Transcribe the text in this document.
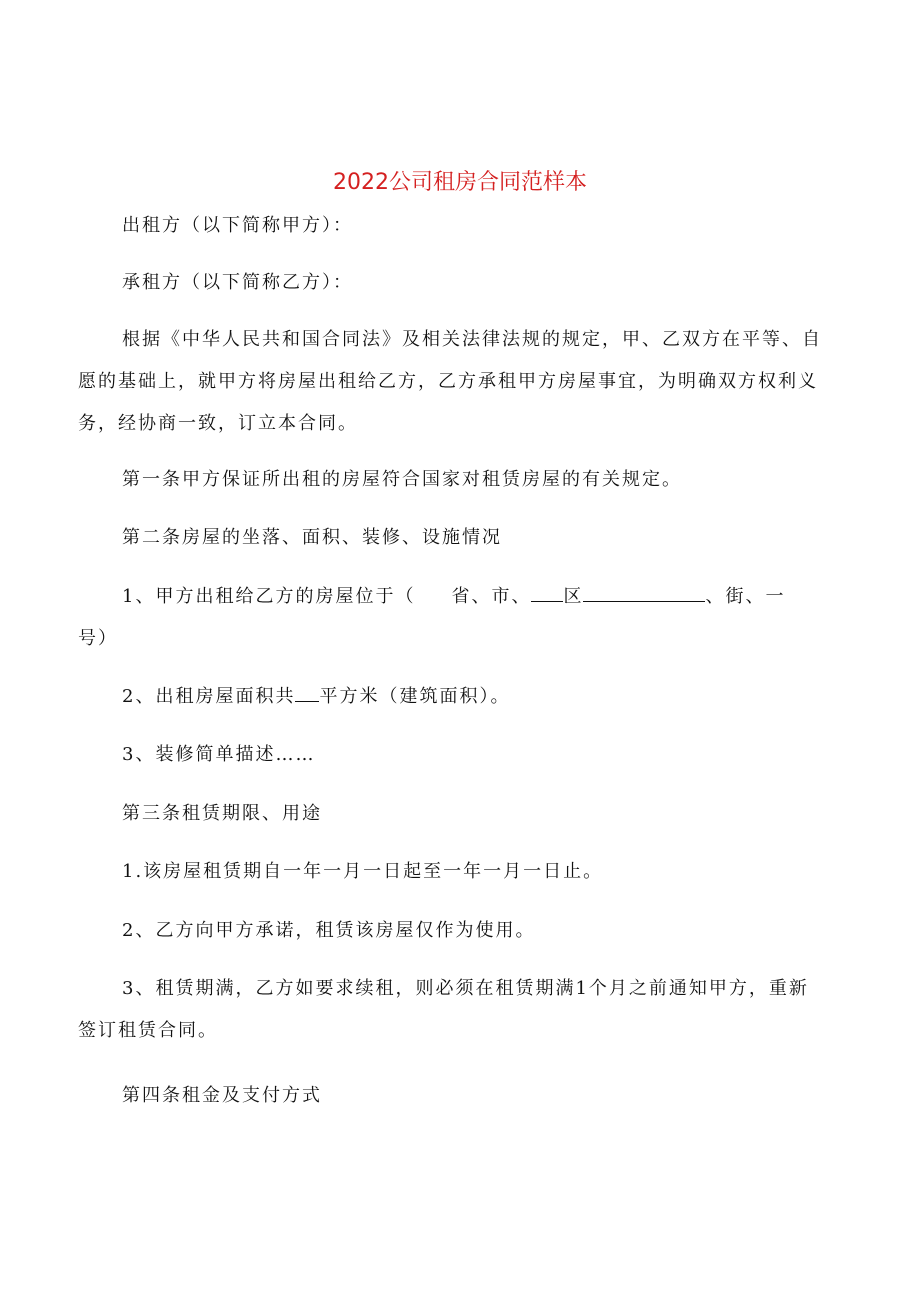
2022公司租房合同范样本

出租方（以下简称甲方）：

承租方（以下简称乙方）：

根据《中华人民共和国合同法》及相关法律法规的规定，甲、乙双方在平等、自
愿的基础上，就甲方将房屋出租给乙方，乙方承租甲方房屋事宜，为明确双方权利义
务，经协商一致，订立本合同。

第一条甲方保证所出租的房屋符合国家对租赁房屋的有关规定。

第二条房屋的坐落、面积、装修、设施情况

1、甲方出租给乙方的房屋位于（ 省、市、 区	、街、一
号）

2、出租房屋面积共 平方米（建筑面积）。

3、装修简单描述……

第三条租赁期限、用途

1.该房屋租赁期自一年一月一日起至一年一月一日止。

2、乙方向甲方承诺，租赁该房屋仅作为使用。

3、租赁期满，乙方如要求续租，则必须在租赁期满1个月之前通知甲方，重新
签订租赁合同。

第四条租金及支付方式
